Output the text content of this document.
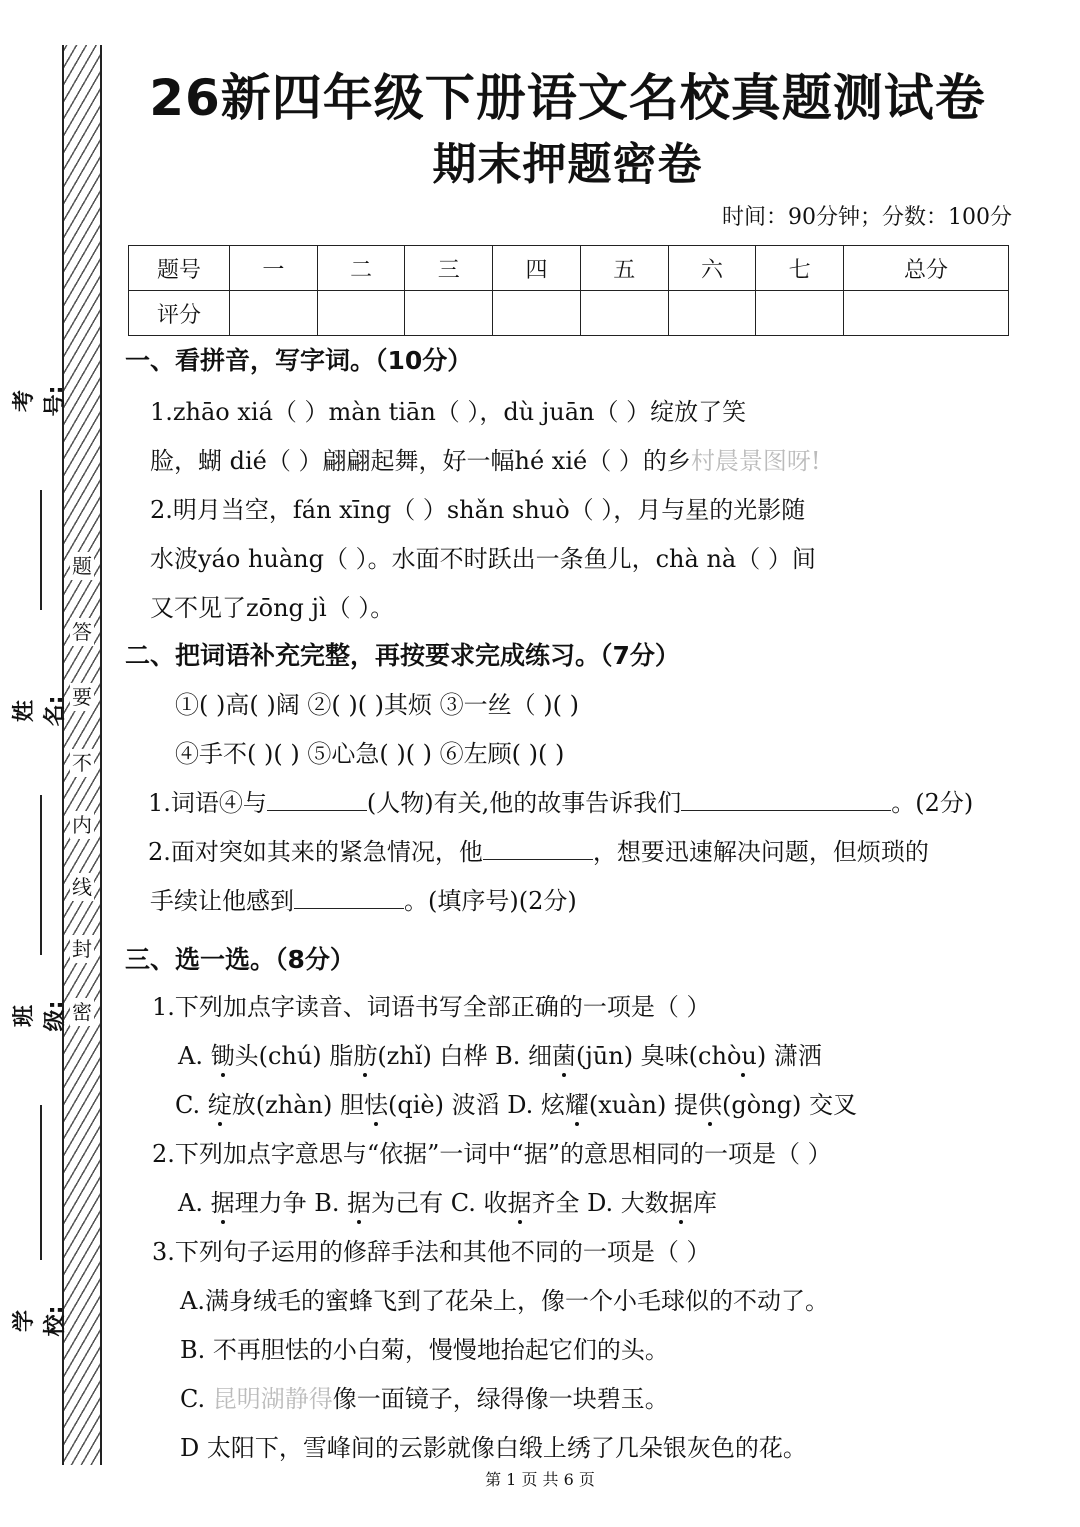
密
封
线
内
不
要
答
题
考号:
姓名:
班级:
学校:
26新四年级下册语文名校真题测试卷
期末押题密卷
时间：90分钟；分数：100分
题号	一	二	三	四	五	六	七	总分
评分								
一、看拼音，写字词。（10分）
1.zhāo xiá（ ）màn tiān（ ），dù juān（ ）绽放了笑
脸，蝴 dié（ ）翩翩起舞，好一幅hé xié（ ）的乡村晨景图呀!
2.明月当空，fán xīng（ ）shǎn shuò（ ），月与星的光影随
水波yáo huàng（ ）。水面不时跃出一条鱼儿，chà nà（ ）间
又不见了zōng jì（ ）。
二、把词语补充完整，再按要求完成练习。（7分）
①( )高( )阔 ②( )( )其烦 ③一丝（ )( )
④手不( )( ) ⑤心急( )( ) ⑥左顾( )( )
1.词语④与	(人物)有关,他的故事告诉我们	。(2分)
2.面对突如其来的紧急情况，他	，想要迅速解决问题，但烦琐的
手续让他感到	。(填序号)(2分)
三、选一选。（8分）
1.下列加点字读音、词语书写全部正确的一项是（ ）
A. 锄头(chú) 脂肪(zhǐ) 白桦 B. 细菌(jūn) 臭味(chòu) 潇洒
C. 绽放(zhàn) 胆怯(qiè) 波滔 D. 炫耀(xuàn) 提供(gòng) 交叉
2.下列加点字意思与“依据”一词中“据”的意思相同的一项是（ ）
A. 据理力争 B. 据为己有 C. 收据齐全 D. 大数据库
3.下列句子运用的修辞手法和其他不同的一项是（ ）
A.满身绒毛的蜜蜂飞到了花朵上，像一个小毛球似的不动了。
B. 不再胆怯的小白菊，慢慢地抬起它们的头。
C. 昆明湖静得像一面镜子，绿得像一块碧玉。
D 太阳下，雪峰间的云影就像白缎上绣了几朵银灰色的花。
第 1 页 共 6 页
